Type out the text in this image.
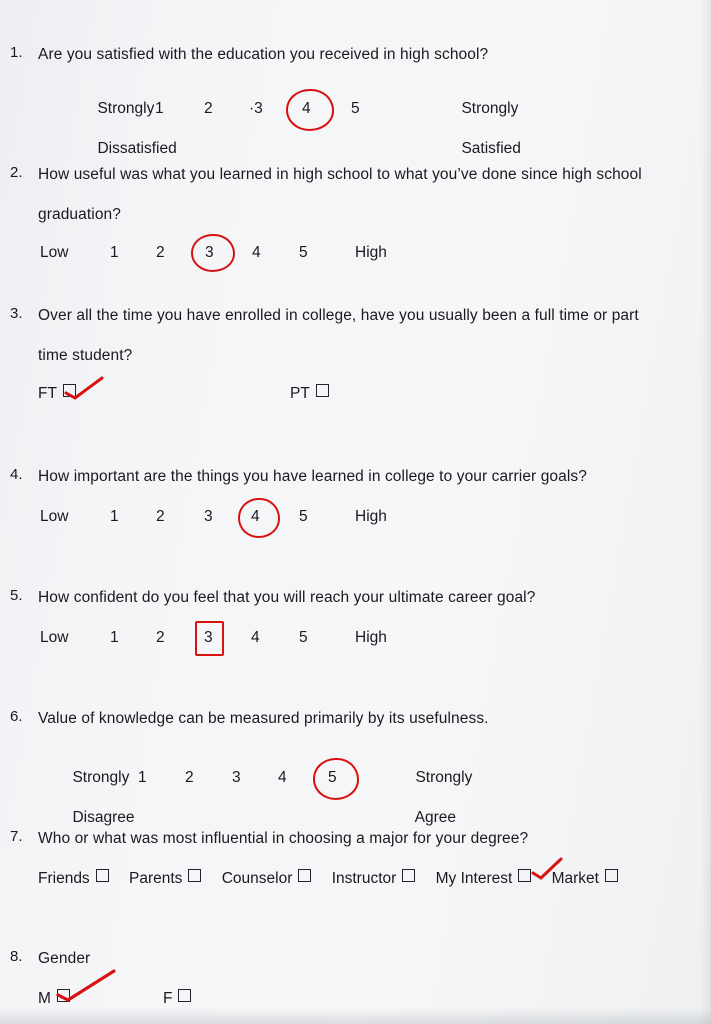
1. Are you satisfied with the education you received in high school?

Strongly

Dissatisfied

1	2 ·3	4	5	Strongly

Satisfied

2. How useful was what you learned in high school to what you’ve done since high school
graduation?
Low	1 2	3 4 5	High
3. Over all the time you have enrolled in college, have you usually been a full time or part
time student?
FT	PT
4. How important are the things you have learned in college to your carrier goals?
Low	1 2	3 4	5	High
5. How confident do you feel that you will reach your ultimate career goal?
Low	1 2	3 4	5	High
6. Value of knowledge can be measured primarily by its usefulness.

Strongly

Disagree

1 2 3 4	5	Strongly

Agree

7. Who or what was most influential in choosing a major for your degree?
Friends	Parents	Counselor	Instructor	My Interest	Market
8. Gender
M	F
